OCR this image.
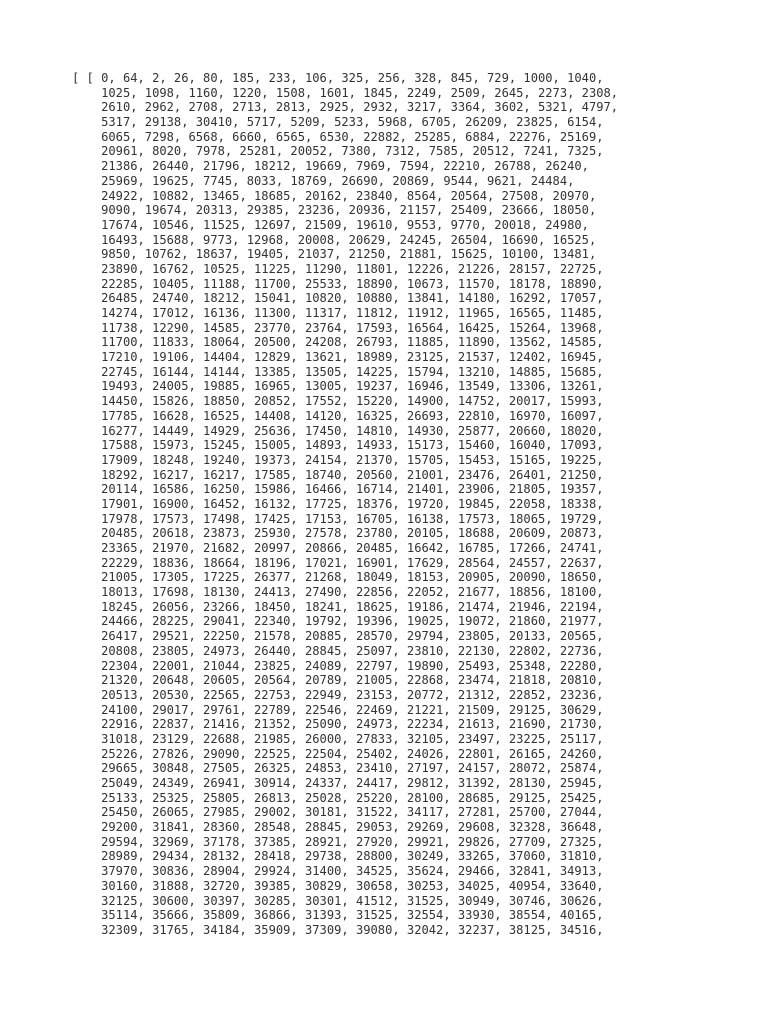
[ [ 0, 64, 2, 26, 80, 185, 233, 106, 325, 256, 328, 845, 729, 1000, 1040,
1025, 1098, 1160, 1220, 1508, 1601, 1845, 2249, 2509, 2645, 2273, 2308,
2610, 2962, 2708, 2713, 2813, 2925, 2932, 3217, 3364, 3602, 5321, 4797,
5317, 29138, 30410, 5717, 5209, 5233, 5968, 6705, 26209, 23825, 6154,
6065, 7298, 6568, 6660, 6565, 6530, 22882, 25285, 6884, 22276, 25169,
20961, 8020, 7978, 25281, 20052, 7380, 7312, 7585, 20512, 7241, 7325,
21386, 26440, 21796, 18212, 19669, 7969, 7594, 22210, 26788, 26240,
25969, 19625, 7745, 8033, 18769, 26690, 20869, 9544, 9621, 24484,
24922, 10882, 13465, 18685, 20162, 23840, 8564, 20564, 27508, 20970,
9090, 19674, 20313, 29385, 23236, 20936, 21157, 25409, 23666, 18050,
17674, 10546, 11525, 12697, 21509, 19610, 9553, 9770, 20018, 24980,
16493, 15688, 9773, 12968, 20008, 20629, 24245, 26504, 16690, 16525,
9850, 10762, 18637, 19405, 21037, 21250, 21881, 15625, 10100, 13481,
23890, 16762, 10525, 11225, 11290, 11801, 12226, 21226, 28157, 22725,
22285, 10405, 11188, 11700, 25533, 18890, 10673, 11570, 18178, 18890,
26485, 24740, 18212, 15041, 10820, 10880, 13841, 14180, 16292, 17057,
14274, 17012, 16136, 11300, 11317, 11812, 11912, 11965, 16565, 11485,
11738, 12290, 14585, 23770, 23764, 17593, 16564, 16425, 15264, 13968,
11700, 11833, 18064, 20500, 24208, 26793, 11885, 11890, 13562, 14585,
17210, 19106, 14404, 12829, 13621, 18989, 23125, 21537, 12402, 16945,
22745, 16144, 14144, 13385, 13505, 14225, 15794, 13210, 14885, 15685,
19493, 24005, 19885, 16965, 13005, 19237, 16946, 13549, 13306, 13261,
14450, 15826, 18850, 20852, 17552, 15220, 14900, 14752, 20017, 15993,
17785, 16628, 16525, 14408, 14120, 16325, 26693, 22810, 16970, 16097,
16277, 14449, 14929, 25636, 17450, 14810, 14930, 25877, 20660, 18020,
17588, 15973, 15245, 15005, 14893, 14933, 15173, 15460, 16040, 17093,
17909, 18248, 19240, 19373, 24154, 21370, 15705, 15453, 15165, 19225,
18292, 16217, 16217, 17585, 18740, 20560, 21001, 23476, 26401, 21250,
20114, 16586, 16250, 15986, 16466, 16714, 21401, 23906, 21805, 19357,
17901, 16900, 16452, 16132, 17725, 18376, 19720, 19845, 22058, 18338,
17978, 17573, 17498, 17425, 17153, 16705, 16138, 17573, 18065, 19729,
20485, 20618, 23873, 25930, 27578, 23780, 20105, 18688, 20609, 20873,
23365, 21970, 21682, 20997, 20866, 20485, 16642, 16785, 17266, 24741,
22229, 18836, 18664, 18196, 17021, 16901, 17629, 28564, 24557, 22637,
21005, 17305, 17225, 26377, 21268, 18049, 18153, 20905, 20090, 18650,
18013, 17698, 18130, 24413, 27490, 22856, 22052, 21677, 18856, 18100,
18245, 26056, 23266, 18450, 18241, 18625, 19186, 21474, 21946, 22194,
24466, 28225, 29041, 22340, 19792, 19396, 19025, 19072, 21860, 21977,
26417, 29521, 22250, 21578, 20885, 28570, 29794, 23805, 20133, 20565,
20808, 23805, 24973, 26440, 28845, 25097, 23810, 22130, 22802, 22736,
22304, 22001, 21044, 23825, 24089, 22797, 19890, 25493, 25348, 22280,
21320, 20648, 20605, 20564, 20789, 21005, 22868, 23474, 21818, 20810,
20513, 20530, 22565, 22753, 22949, 23153, 20772, 21312, 22852, 23236,
24100, 29017, 29761, 22789, 22546, 22469, 21221, 21509, 29125, 30629,
22916, 22837, 21416, 21352, 25090, 24973, 22234, 21613, 21690, 21730,
31018, 23129, 22688, 21985, 26000, 27833, 32105, 23497, 23225, 25117,
25226, 27826, 29090, 22525, 22504, 25402, 24026, 22801, 26165, 24260,
29665, 30848, 27505, 26325, 24853, 23410, 27197, 24157, 28072, 25874,
25049, 24349, 26941, 30914, 24337, 24417, 29812, 31392, 28130, 25945,
25133, 25325, 25805, 26813, 25028, 25220, 28100, 28685, 29125, 25425,
25450, 26065, 27985, 29002, 30181, 31522, 34117, 27281, 25700, 27044,
29200, 31841, 28360, 28548, 28845, 29053, 29269, 29608, 32328, 36648,
29594, 32969, 37178, 37385, 28921, 27920, 29921, 29826, 27709, 27325,
28989, 29434, 28132, 28418, 29738, 28800, 30249, 33265, 37060, 31810,
37970, 30836, 28904, 29924, 31400, 34525, 35624, 29466, 32841, 34913,
30160, 31888, 32720, 39385, 30829, 30658, 30253, 34025, 40954, 33640,
32125, 30600, 30397, 30285, 30301, 41512, 31525, 30949, 30746, 30626,
35114, 35666, 35809, 36866, 31393, 31525, 32554, 33930, 38554, 40165,
32309, 31765, 34184, 35909, 37309, 39080, 32042, 32237, 38125, 34516,
